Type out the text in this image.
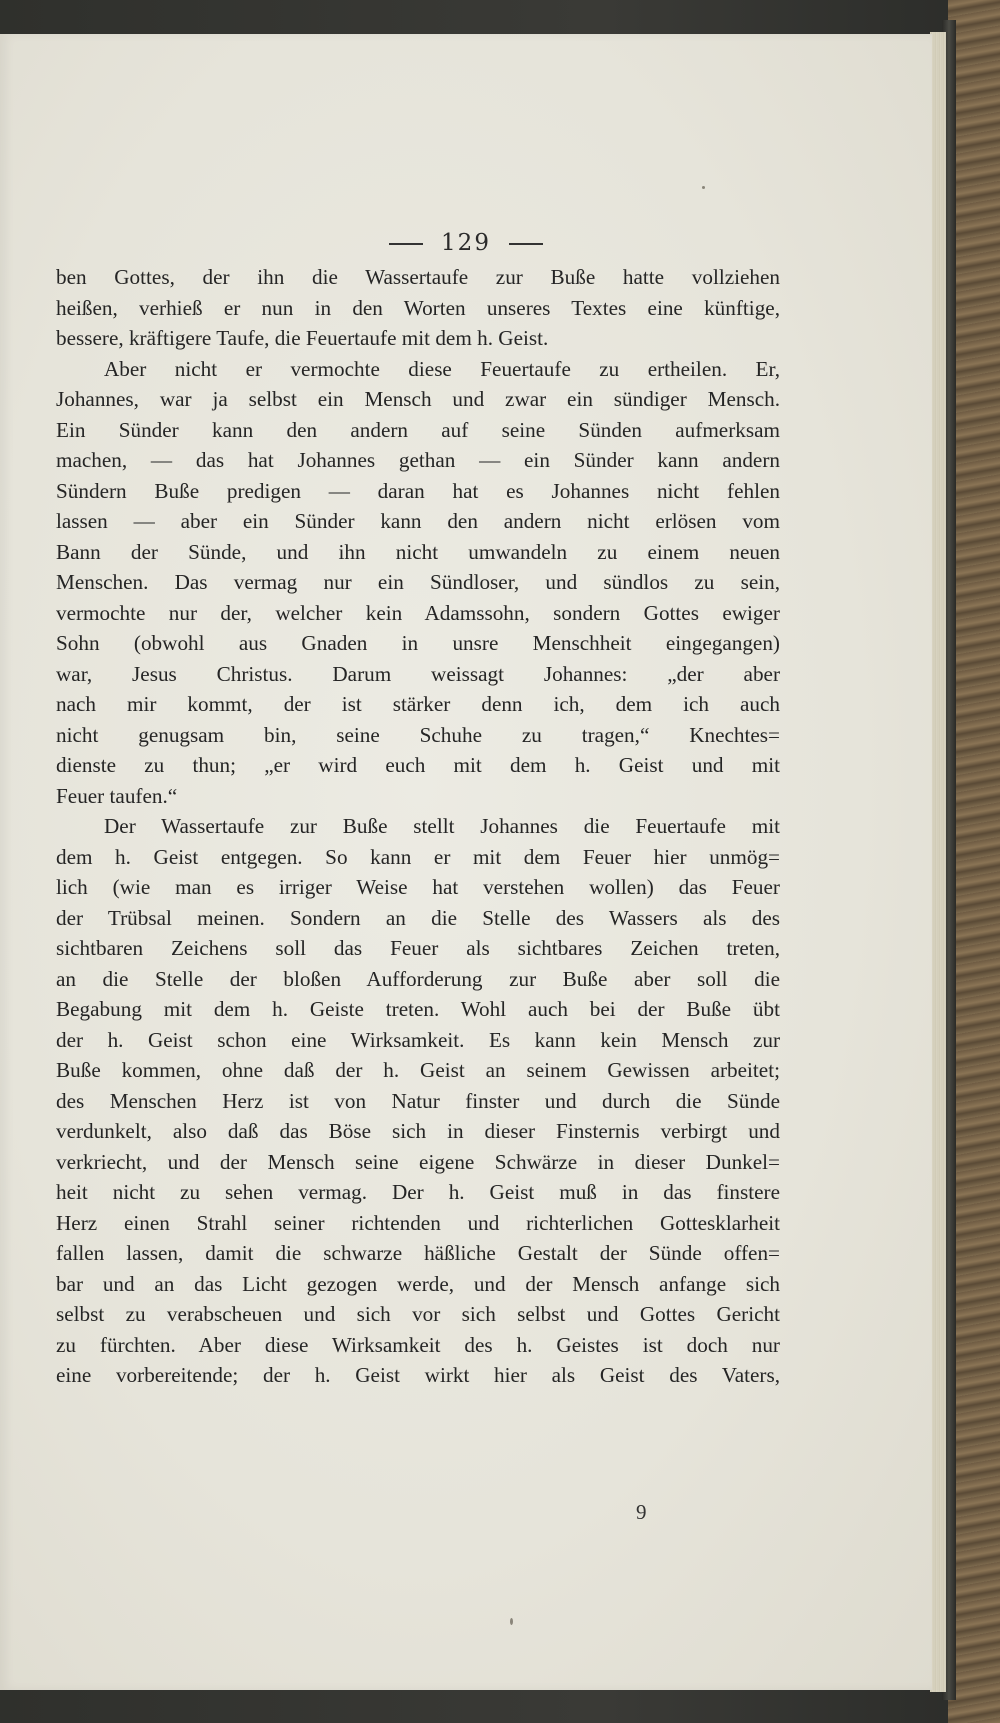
129
ben Gottes, der ihn die Wassertaufe zur Buße hatte vollziehen
heißen, verhieß er nun in den Worten unseres Textes eine künftige,
bessere, kräftigere Taufe, die Feuertaufe mit dem h. Geist.
Aber nicht er vermochte diese Feuertaufe zu ertheilen. Er,
Johannes, war ja selbst ein Mensch und zwar ein sündiger Mensch.
Ein Sünder kann den andern auf seine Sünden aufmerksam
machen, — das hat Johannes gethan — ein Sünder kann andern
Sündern Buße predigen — daran hat es Johannes nicht fehlen
lassen — aber ein Sünder kann den andern nicht erlösen vom
Bann der Sünde, und ihn nicht umwandeln zu einem neuen
Menschen. Das vermag nur ein Sündloser, und sündlos zu sein,
vermochte nur der, welcher kein Adamssohn, sondern Gottes ewiger
Sohn (obwohl aus Gnaden in unsre Menschheit eingegangen)
war, Jesus Christus. Darum weissagt Johannes: „der aber
nach mir kommt, der ist stärker denn ich, dem ich auch
nicht genugsam bin, seine Schuhe zu tragen,“ Knechtes=
dienste zu thun; „er wird euch mit dem h. Geist und mit
Feuer taufen.“
Der Wassertaufe zur Buße stellt Johannes die Feuertaufe mit
dem h. Geist entgegen. So kann er mit dem Feuer hier unmög=
lich (wie man es irriger Weise hat verstehen wollen) das Feuer
der Trübsal meinen. Sondern an die Stelle des Wassers als des
sichtbaren Zeichens soll das Feuer als sichtbares Zeichen treten,
an die Stelle der bloßen Aufforderung zur Buße aber soll die
Begabung mit dem h. Geiste treten. Wohl auch bei der Buße übt
der h. Geist schon eine Wirksamkeit. Es kann kein Mensch zur
Buße kommen, ohne daß der h. Geist an seinem Gewissen arbeitet;
des Menschen Herz ist von Natur finster und durch die Sünde
verdunkelt, also daß das Böse sich in dieser Finsternis verbirgt und
verkriecht, und der Mensch seine eigene Schwärze in dieser Dunkel=
heit nicht zu sehen vermag. Der h. Geist muß in das finstere
Herz einen Strahl seiner richtenden und richterlichen Gottesklarheit
fallen lassen, damit die schwarze häßliche Gestalt der Sünde offen=
bar und an das Licht gezogen werde, und der Mensch anfange sich
selbst zu verabscheuen und sich vor sich selbst und Gottes Gericht
zu fürchten. Aber diese Wirksamkeit des h. Geistes ist doch nur
eine vorbereitende; der h. Geist wirkt hier als Geist des Vaters,
9
